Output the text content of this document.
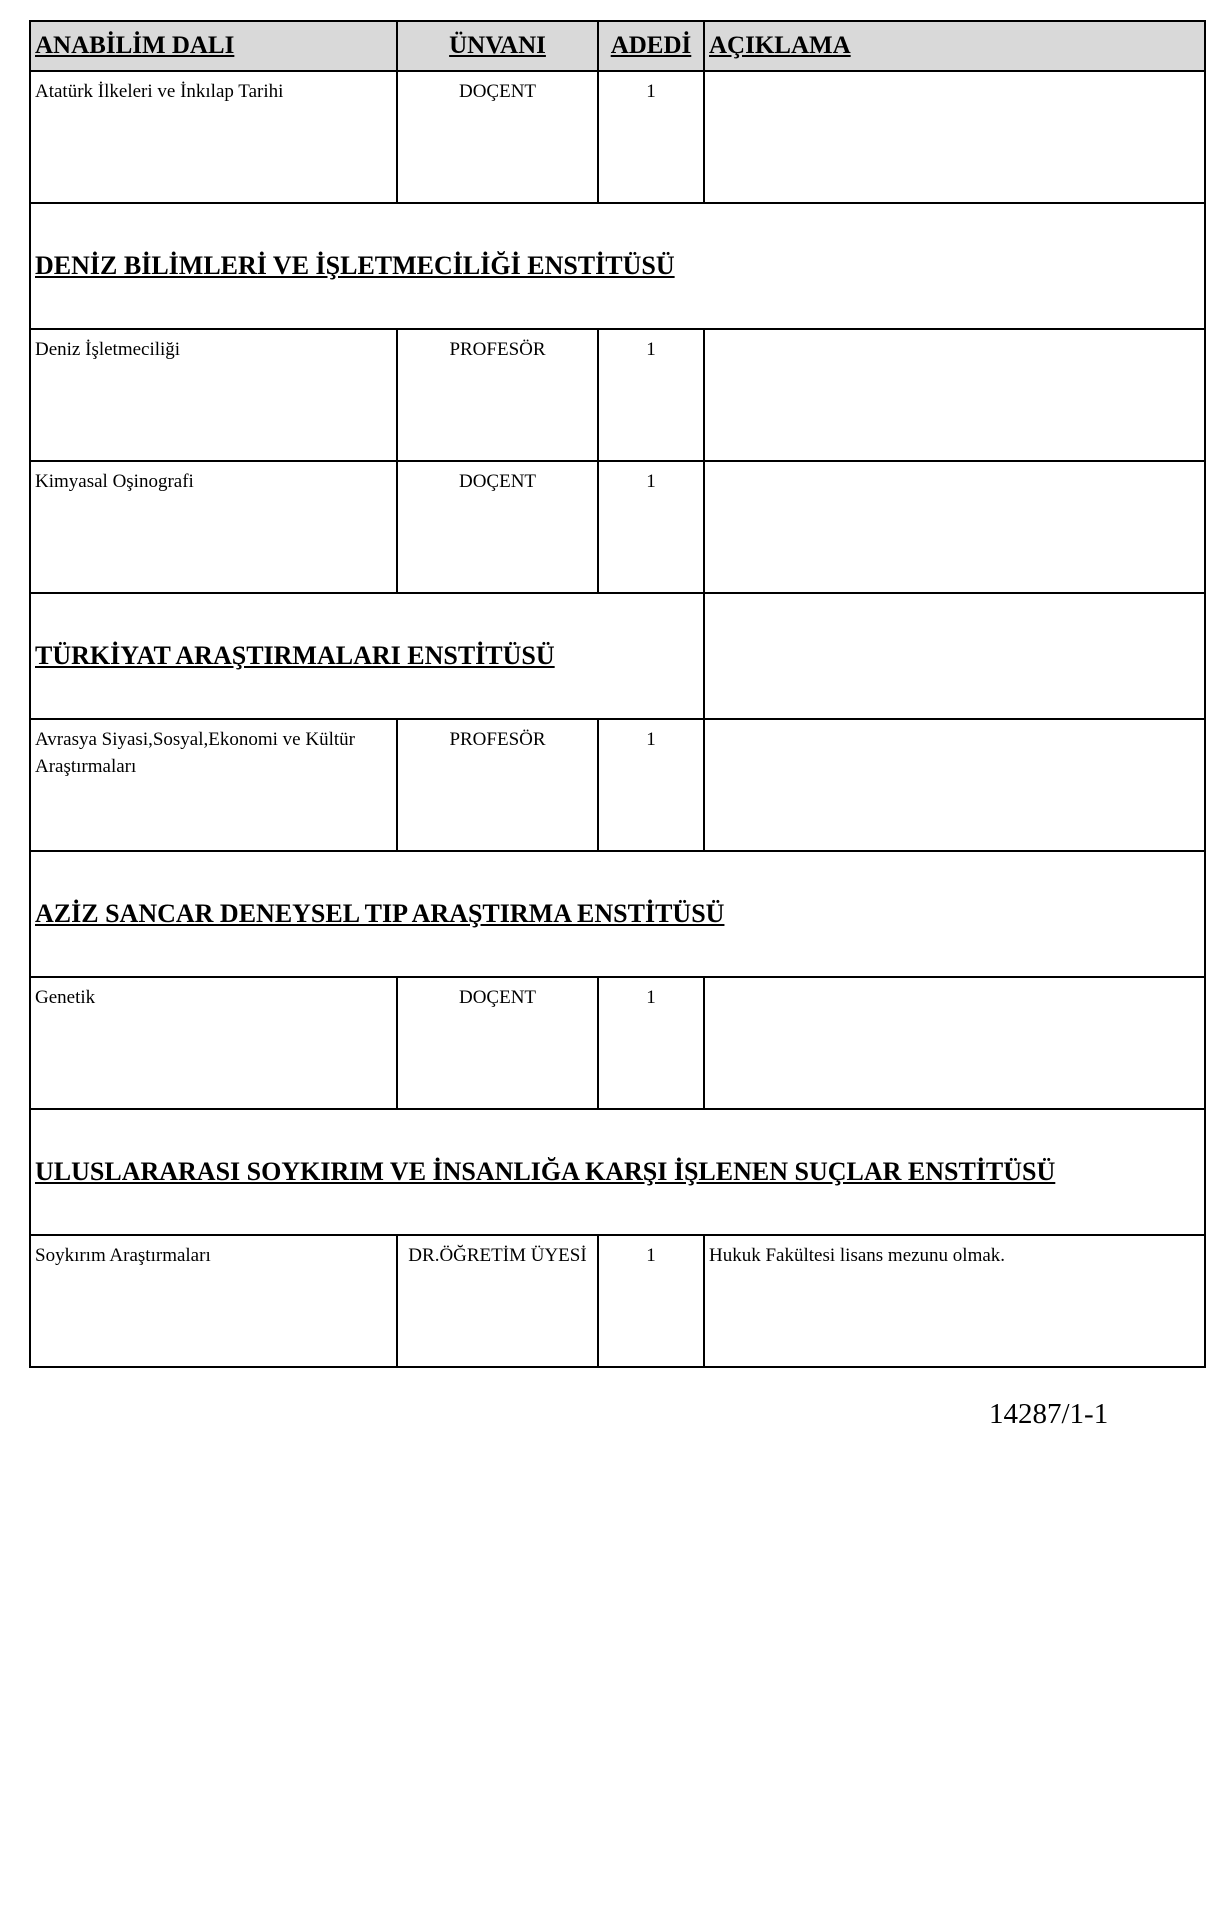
ANABİLİM DALI	ÜNVANI	ADEDİ	AÇIKLAMA
Atatürk İlkeleri ve İnkılap Tarihi	DOÇENT	1	
DENİZ BİLİMLERİ VE İŞLETMECİLİĞİ ENSTİTÜSÜ			
Deniz İşletmeciliği	PROFESÖR	1	
Kimyasal Oşinografi	DOÇENT	1	
TÜRKİYAT ARAŞTIRMALARI ENSTİTÜSÜ			
Avrasya Siyasi,Sosyal,Ekonomi ve Kültür Araştırmaları	PROFESÖR	1	
AZİZ SANCAR DENEYSEL TIP ARAŞTIRMA ENSTİTÜSÜ			
Genetik	DOÇENT	1	
ULUSLARARASI SOYKIRIM VE İNSANLIĞA KARŞI İŞLENEN SUÇLAR ENSTİTÜSÜ			
Soykırım Araştırmaları	DR.ÖĞRETİM ÜYESİ	1	Hukuk Fakültesi lisans mezunu olmak.
14287/1-1
